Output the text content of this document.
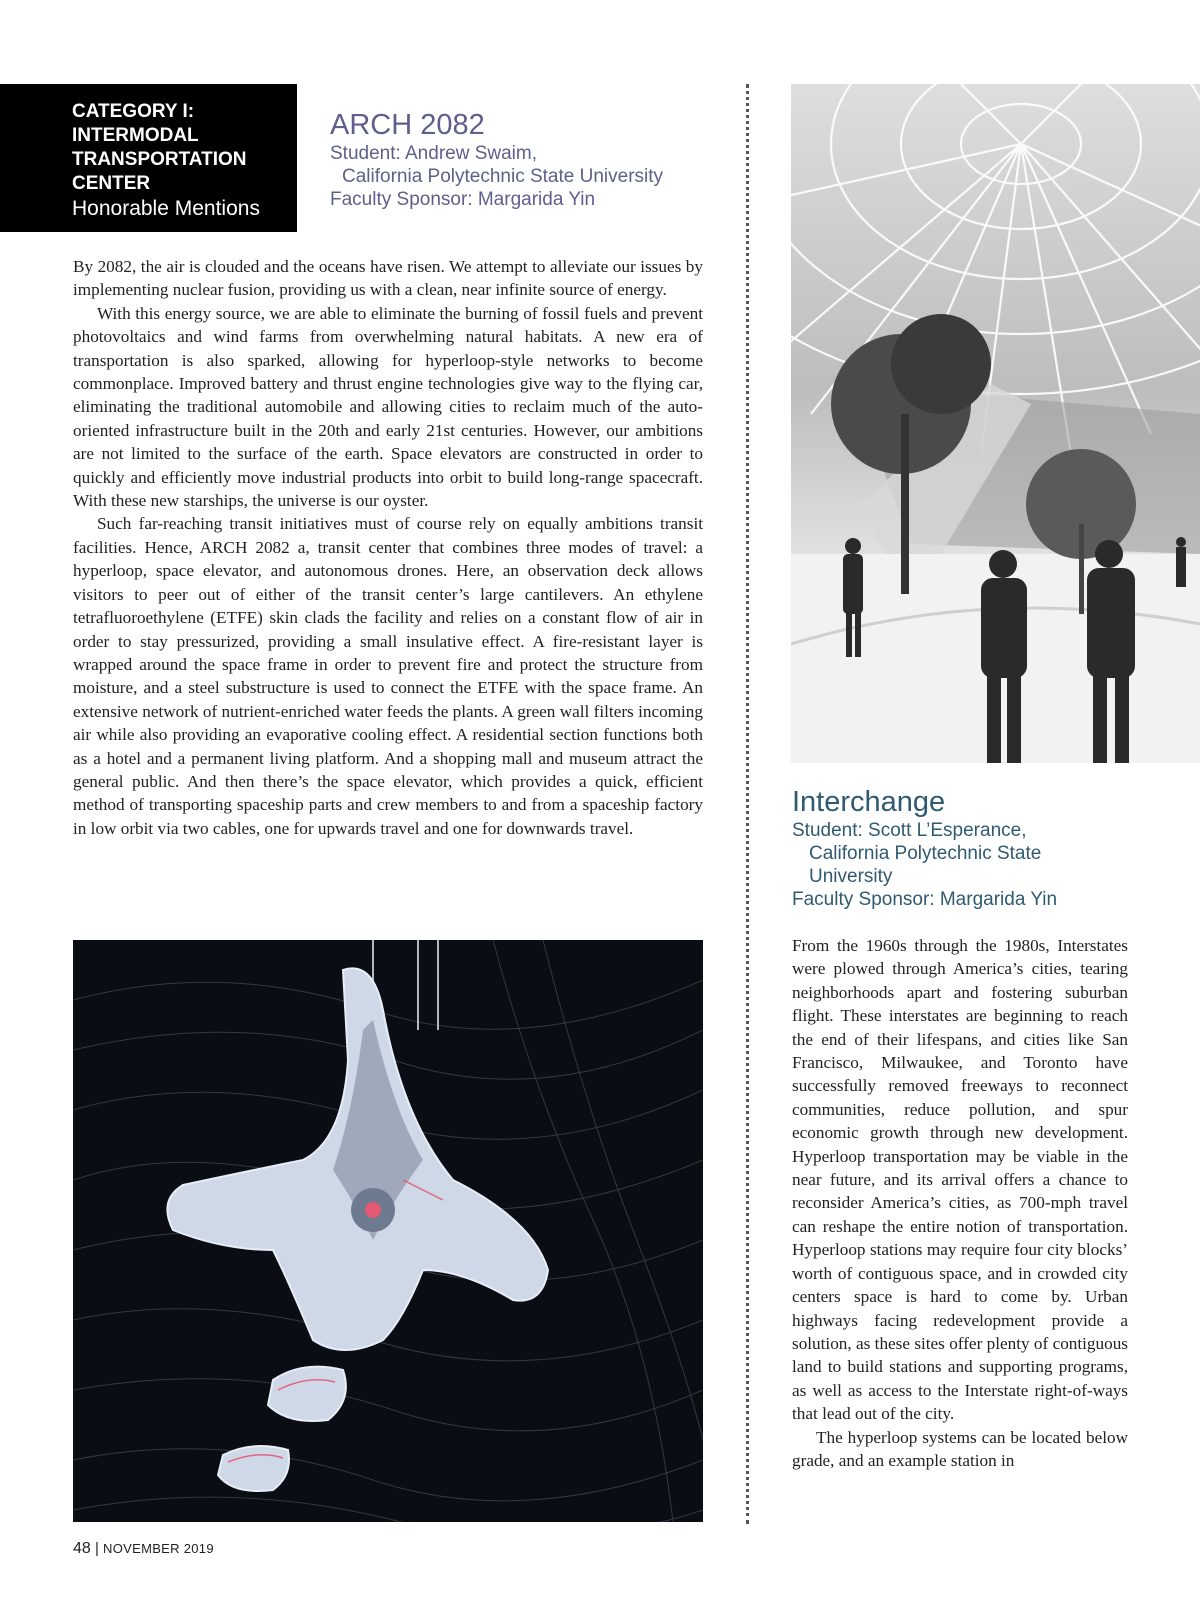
CATEGORY I:
INTERMODAL
TRANSPORTATION
CENTER
Honorable Mentions
ARCH 2082
Student: Andrew Swaim,
California Polytechnic State University
Faculty Sponsor: Margarida Yin

By 2082, the air is clouded and the oceans have risen. We attempt to alleviate our issues by implementing nuclear fusion, providing us with a clean, near infinite source of energy.

With this energy source, we are able to eliminate the burning of fossil fuels and prevent photovoltaics and wind farms from overwhelming natural habitats. A new era of transportation is also sparked, allowing for hyperloop-style networks to become commonplace. Improved battery and thrust engine technologies give way to the flying car, eliminating the traditional automobile and allowing cities to reclaim much of the auto-oriented infrastructure built in the 20th and early 21st centuries. However, our ambitions are not limited to the surface of the earth. Space elevators are constructed in order to quickly and efficiently move industrial products into orbit to build long-range spacecraft. With these new starships, the universe is our oyster.

Such far-reaching transit initiatives must of course rely on equally ambitions transit facilities. Hence, ARCH 2082 a, transit center that combines three modes of travel: a hyperloop, space elevator, and autonomous drones. Here, an observation deck allows visitors to peer out of either of the transit center’s large cantilevers. An ethylene tetrafluoroethylene (ETFE) skin clads the facility and relies on a constant flow of air in order to stay pressurized, providing a small insulative effect. A fire-resistant layer is wrapped around the space frame in order to prevent fire and protect the structure from moisture, and a steel substructure is used to connect the ETFE with the space frame. An extensive network of nutrient-enriched water feeds the plants. A green wall filters incoming air while also providing an evaporative cooling effect. A residential section functions both as a hotel and a permanent living platform. And a shopping mall and museum attract the general public. And then there’s the space elevator, which provides a quick, efficient method of transporting spaceship parts and crew members to and from a spaceship factory in low orbit via two cables, one for upwards travel and one for downwards travel.

Interchange
Student: Scott L’Esperance,
California Polytechnic State
University
Faculty Sponsor: Margarida Yin

From the 1960s through the 1980s, Interstates were plowed through America’s cities, tearing neighborhoods apart and fostering suburban flight. These interstates are beginning to reach the end of their lifespans, and cities like San Francisco, Milwaukee, and Toronto have successfully removed freeways to reconnect communities, reduce pollution, and spur economic growth through new development. Hyperloop transportation may be viable in the near future, and its arrival offers a chance to reconsider America’s cities, as 700-mph travel can reshape the entire notion of transportation. Hyperloop stations may require four city blocks’ worth of contiguous space, and in crowded city centers space is hard to come by. Urban highways facing redevelopment provide a solution, as these sites offer plenty of contiguous land to build stations and supporting programs, as well as access to the Interstate right-of-ways that lead out of the city.

The hyperloop systems can be located below grade, and an example station in

48 | NOVEMBER 2019
